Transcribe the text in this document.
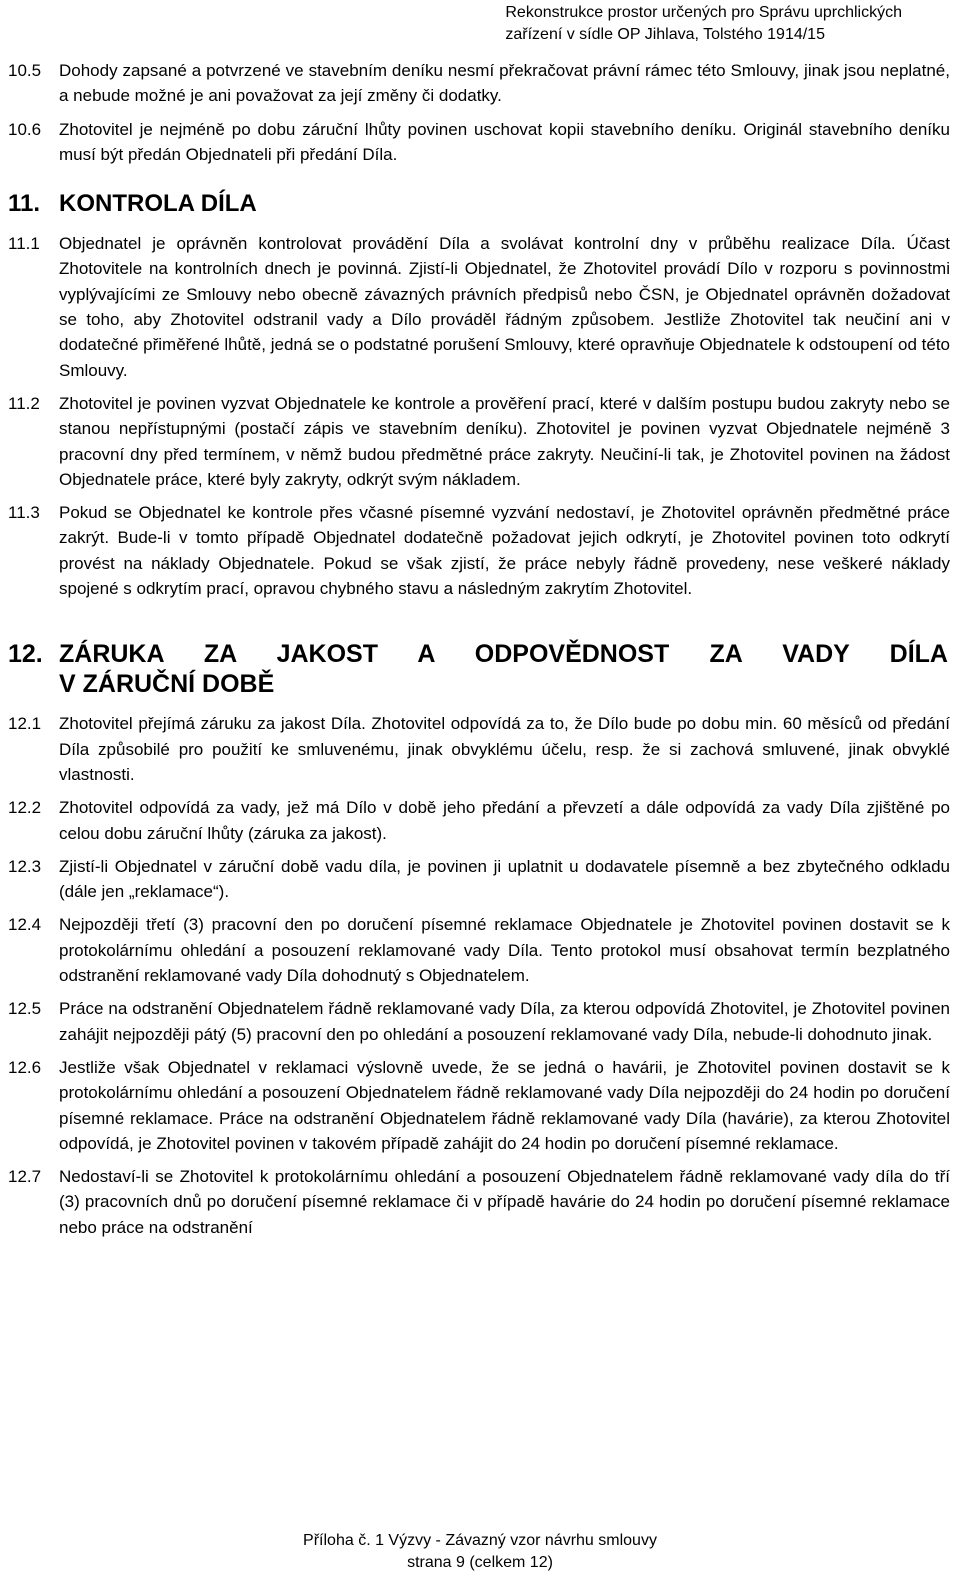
Rekonstrukce prostor určených pro Správu uprchlických
zařízení v sídle OP Jihlava, Tolstého 1914/15
10.5 Dohody zapsané a potvrzené ve stavebním deníku nesmí překračovat právní rámec této Smlouvy, jinak jsou neplatné, a nebude možné je ani považovat za její změny či dodatky.
10.6 Zhotovitel je nejméně po dobu záruční lhůty povinen uschovat kopii stavebního deníku. Originál stavebního deníku musí být předán Objednateli při předání Díla.
11. KONTROLA DÍLA
11.1 Objednatel je oprávněn kontrolovat provádění Díla a svolávat kontrolní dny v průběhu realizace Díla. Účast Zhotovitele na kontrolních dnech je povinná. Zjistí-li Objednatel, že Zhotovitel provádí Dílo v rozporu s povinnostmi vyplývajícími ze Smlouvy nebo obecně závazných právních předpisů nebo ČSN, je Objednatel oprávněn dožadovat se toho, aby Zhotovitel odstranil vady a Dílo prováděl řádným způsobem. Jestliže Zhotovitel tak neučiní ani v dodatečné přiměřené lhůtě, jedná se o podstatné porušení Smlouvy, které opravňuje Objednatele k odstoupení od této Smlouvy.
11.2 Zhotovitel je povinen vyzvat Objednatele ke kontrole a prověření prací, které v dalším postupu budou zakryty nebo se stanou nepřístupnými (postačí zápis ve stavebním deníku). Zhotovitel je povinen vyzvat Objednatele nejméně 3 pracovní dny před termínem, v němž budou předmětné práce zakryty. Neučiní-li tak, je Zhotovitel povinen na žádost Objednatele práce, které byly zakryty, odkrýt svým nákladem.
11.3 Pokud se Objednatel ke kontrole přes včasné písemné vyzvání nedostaví, je Zhotovitel oprávněn předmětné práce zakrýt. Bude-li v tomto případě Objednatel dodatečně požadovat jejich odkrytí, je Zhotovitel povinen toto odkrytí provést na náklady Objednatele. Pokud se však zjistí, že práce nebyly řádně provedeny, nese veškeré náklady spojené s odkrytím prací, opravou chybného stavu a následným zakrytím Zhotovitel.
12. ZÁRUKA ZA JAKOST A ODPOVĚDNOST ZA VADY DÍLA
V ZÁRUČNÍ DOBĚ
12.1 Zhotovitel přejímá záruku za jakost Díla. Zhotovitel odpovídá za to, že Dílo bude po dobu min. 60 měsíců od předání Díla způsobilé pro použití ke smluvenému, jinak obvyklému účelu, resp. že si zachová smluvené, jinak obvyklé vlastnosti.
12.2 Zhotovitel odpovídá za vady, jež má Dílo v době jeho předání a převzetí a dále odpovídá za vady Díla zjištěné po celou dobu záruční lhůty (záruka za jakost).
12.3 Zjistí-li Objednatel v záruční době vadu díla, je povinen ji uplatnit u dodavatele písemně a bez zbytečného odkladu (dále jen „reklamace“).
12.4 Nejpozději třetí (3) pracovní den po doručení písemné reklamace Objednatele je Zhotovitel povinen dostavit se k protokolárnímu ohledání a posouzení reklamované vady Díla. Tento protokol musí obsahovat termín bezplatného odstranění reklamované vady Díla dohodnutý s Objednatelem.
12.5 Práce na odstranění Objednatelem řádně reklamované vady Díla, za kterou odpovídá Zhotovitel, je Zhotovitel povinen zahájit nejpozději pátý (5) pracovní den po ohledání a posouzení reklamované vady Díla, nebude-li dohodnuto jinak.
12.6 Jestliže však Objednatel v reklamaci výslovně uvede, že se jedná o havárii, je Zhotovitel povinen dostavit se k protokolárnímu ohledání a posouzení Objednatelem řádně reklamované vady Díla nejpozději do 24 hodin po doručení písemné reklamace. Práce na odstranění Objednatelem řádně reklamované vady Díla (havárie), za kterou Zhotovitel odpovídá, je Zhotovitel povinen v takovém případě zahájit do 24 hodin po doručení písemné reklamace.
12.7 Nedostaví-li se Zhotovitel k protokolárnímu ohledání a posouzení Objednatelem řádně reklamované vady díla do tří (3) pracovních dnů po doručení písemné reklamace či v případě havárie do 24 hodin po doručení písemné reklamace nebo práce na odstranění
Příloha č. 1 Výzvy - Závazný vzor návrhu smlouvy
strana 9 (celkem 12)
